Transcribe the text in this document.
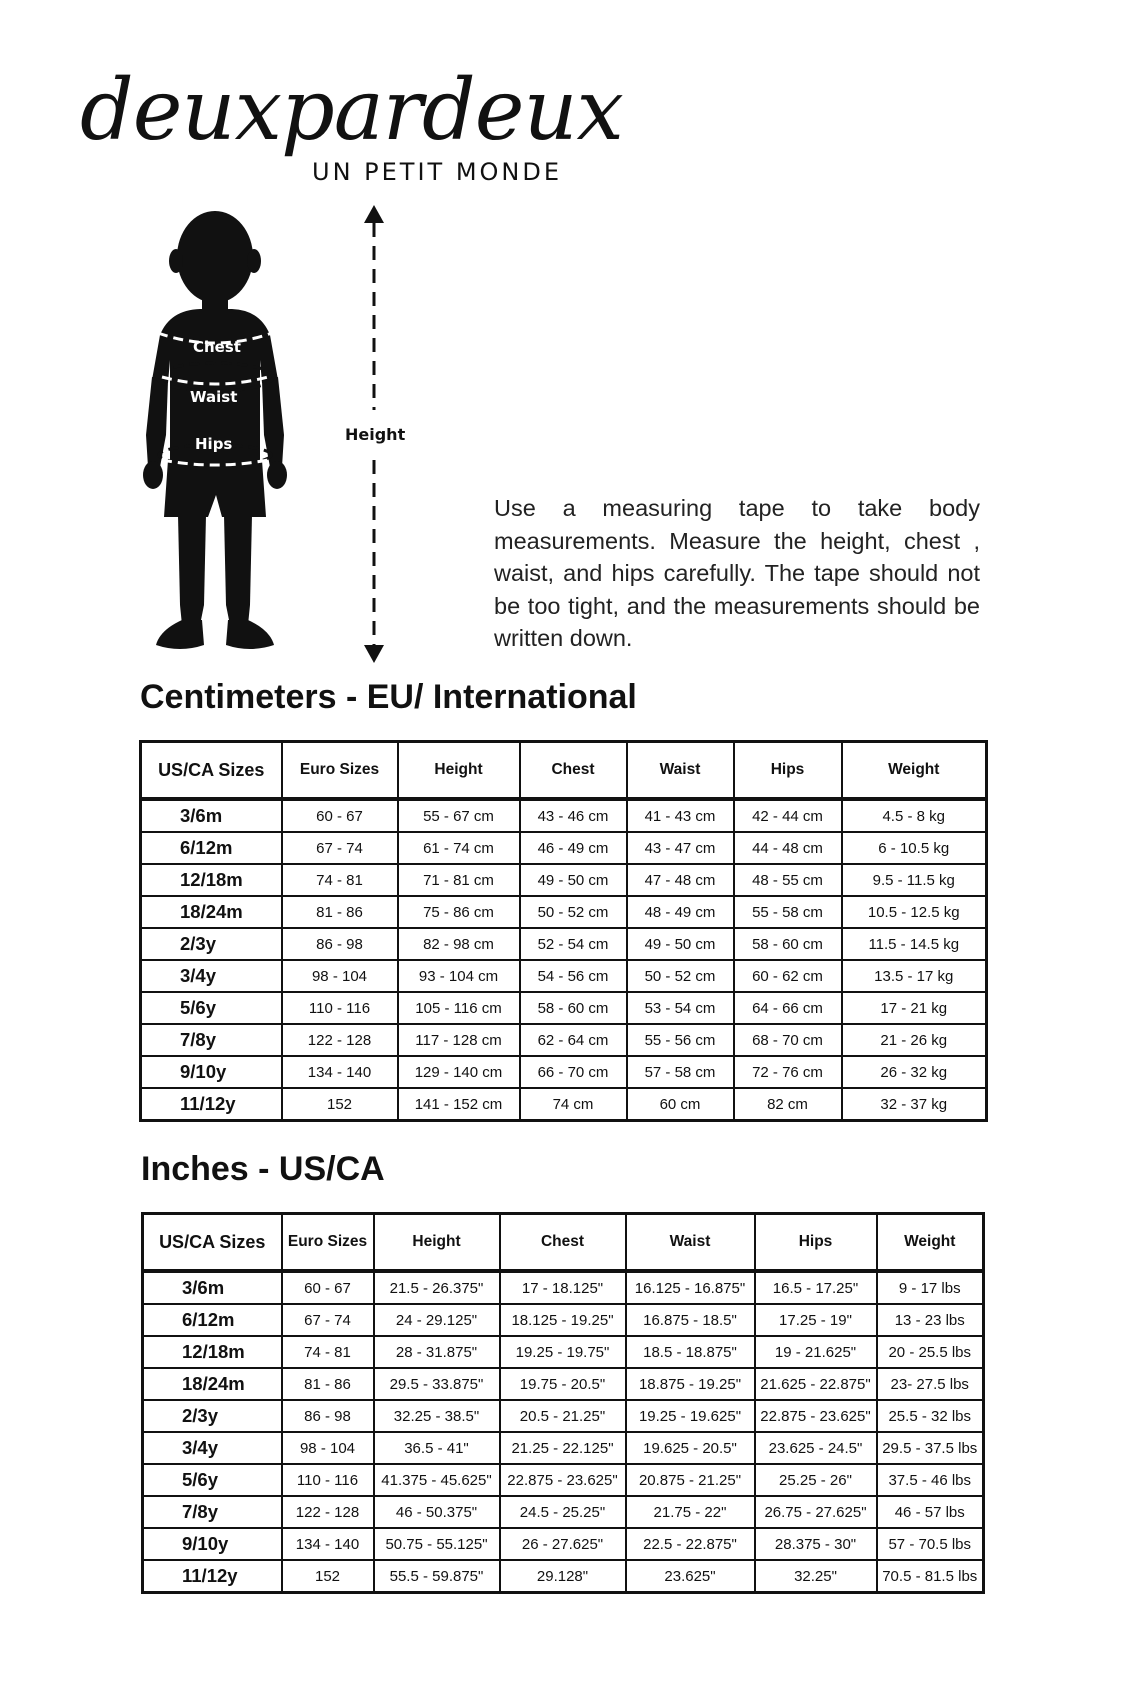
deuxpardeux
UN PETIT MONDE
Chest
Waist
Hips	Height
Use a measuring tape to take body measurements. Measure the height, chest , waist, and hips carefully. The tape should not be too tight, and the measurements should be written down.
Centimeters - EU/ International
US/CA Sizes	Euro Sizes	Height	Chest	Waist	Hips	Weight
3/6m	60 - 67	55 - 67 cm	43 - 46 cm	41 - 43 cm	42 - 44 cm	4.5 - 8 kg
6/12m	67 - 74	61 - 74 cm	46 - 49 cm	43 - 47 cm	44 - 48 cm	6 - 10.5 kg
12/18m	74 - 81	71 - 81 cm	49 - 50 cm	47 - 48 cm	48 - 55 cm	9.5 - 11.5 kg
18/24m	81 - 86	75 - 86 cm	50 - 52 cm	48 - 49 cm	55 - 58 cm	10.5 - 12.5 kg
2/3y	86 - 98	82 - 98 cm	52 - 54 cm	49 - 50 cm	58 - 60 cm	11.5 - 14.5 kg
3/4y	98 - 104	93 - 104 cm	54 - 56 cm	50 - 52 cm	60 - 62 cm	13.5 - 17 kg
5/6y	110 - 116	105 - 116 cm	58 - 60 cm	53 - 54 cm	64 - 66 cm	17 - 21 kg
7/8y	122 - 128	117 - 128 cm	62 - 64 cm	55 - 56 cm	68 - 70 cm	21 - 26 kg
9/10y	134 - 140	129 - 140 cm	66 - 70 cm	57 - 58 cm	72 - 76 cm	26 - 32 kg
11/12y	152	141 - 152 cm	74 cm	60 cm	82 cm	32 - 37 kg
Inches - US/CA
US/CA Sizes	Euro Sizes	Height	Chest	Waist	Hips	Weight
3/6m	60 - 67	21.5 - 26.375"	17 - 18.125"	16.125 - 16.875"	16.5 - 17.25"	9 - 17 lbs
6/12m	67 - 74	24 - 29.125"	18.125 - 19.25"	16.875 - 18.5"	17.25 - 19"	13 - 23 lbs
12/18m	74 - 81	28 - 31.875"	19.25 - 19.75"	18.5 - 18.875"	19 - 21.625"	20 - 25.5 lbs
18/24m	81 - 86	29.5 - 33.875"	19.75 - 20.5"	18.875 - 19.25"	21.625 - 22.875"	23- 27.5 lbs
2/3y	86 - 98	32.25 - 38.5"	20.5 - 21.25"	19.25 - 19.625"	22.875 - 23.625"	25.5 - 32 lbs
3/4y	98 - 104	36.5 - 41"	21.25 - 22.125"	19.625 - 20.5"	23.625 - 24.5"	29.5 - 37.5 lbs
5/6y	110 - 116	41.375 - 45.625"	22.875 - 23.625"	20.875 - 21.25"	25.25 - 26"	37.5 - 46 lbs
7/8y	122 - 128	46 - 50.375"	24.5 - 25.25"	21.75 - 22"	26.75 - 27.625"	46 - 57 lbs
9/10y	134 - 140	50.75 - 55.125"	26 - 27.625"	22.5 - 22.875"	28.375 - 30"	57 - 70.5 lbs
11/12y	152	55.5 - 59.875"	29.128"	23.625"	32.25"	70.5 - 81.5 lbs
